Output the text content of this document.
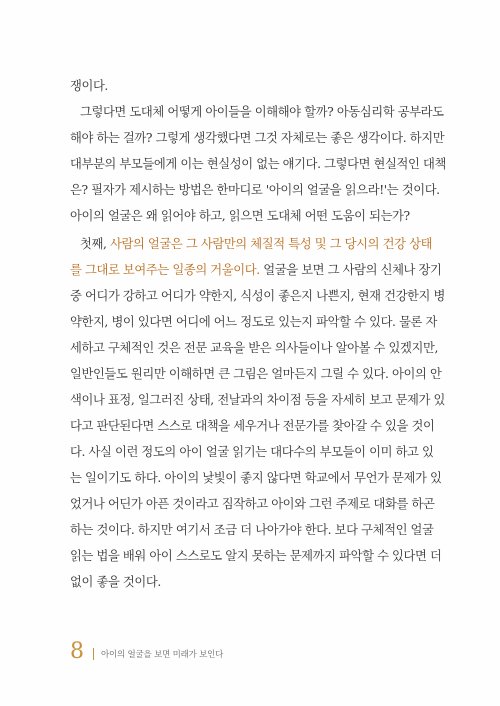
쟁이다.
그렇다면 도대체 어떻게 아이들을 이해해야 할까? 아동심리학 공부라도
해야 하는 걸까? 그렇게 생각했다면 그것 자체로는 좋은 생각이다. 하지만
대부분의 부모들에게 이는 현실성이 없는 얘기다. 그렇다면 현실적인 대책
은? 필자가 제시하는 방법은 한마디로 '아이의 얼굴을 읽으라!'는 것이다.
아이의 얼굴은 왜 읽어야 하고, 읽으면 도대체 어떤 도움이 되는가?
첫째, 사람의 얼굴은 그 사람만의 체질적 특성 및 그 당시의 건강 상태
를 그대로 보여주는 일종의 거울이다. 얼굴을 보면 그 사람의 신체나 장기
중 어디가 강하고 어디가 약한지, 식성이 좋은지 나쁜지, 현재 건강한지 병
약한지, 병이 있다면 어디에 어느 정도로 있는지 파악할 수 있다. 물론 자
세하고 구체적인 것은 전문 교육을 받은 의사들이나 알아볼 수 있겠지만,
일반인들도 원리만 이해하면 큰 그림은 얼마든지 그릴 수 있다. 아이의 안
색이나 표정, 일그러진 상태, 전날과의 차이점 등을 자세히 보고 문제가 있
다고 판단된다면 스스로 대책을 세우거나 전문가를 찾아갈 수 있을 것이
다. 사실 이런 정도의 아이 얼굴 읽기는 대다수의 부모들이 이미 하고 있
는 일이기도 하다. 아이의 낯빛이 좋지 않다면 학교에서 무언가 문제가 있
었거나 어딘가 아픈 것이라고 짐작하고 아이와 그런 주제로 대화를 하곤
하는 것이다. 하지만 여기서 조금 더 나아가야 한다. 보다 구체적인 얼굴
읽는 법을 배워 아이 스스로도 알지 못하는 문제까지 파악할 수 있다면 더
없이 좋을 것이다.
8 아이의 얼굴을 보면 미래가 보인다
